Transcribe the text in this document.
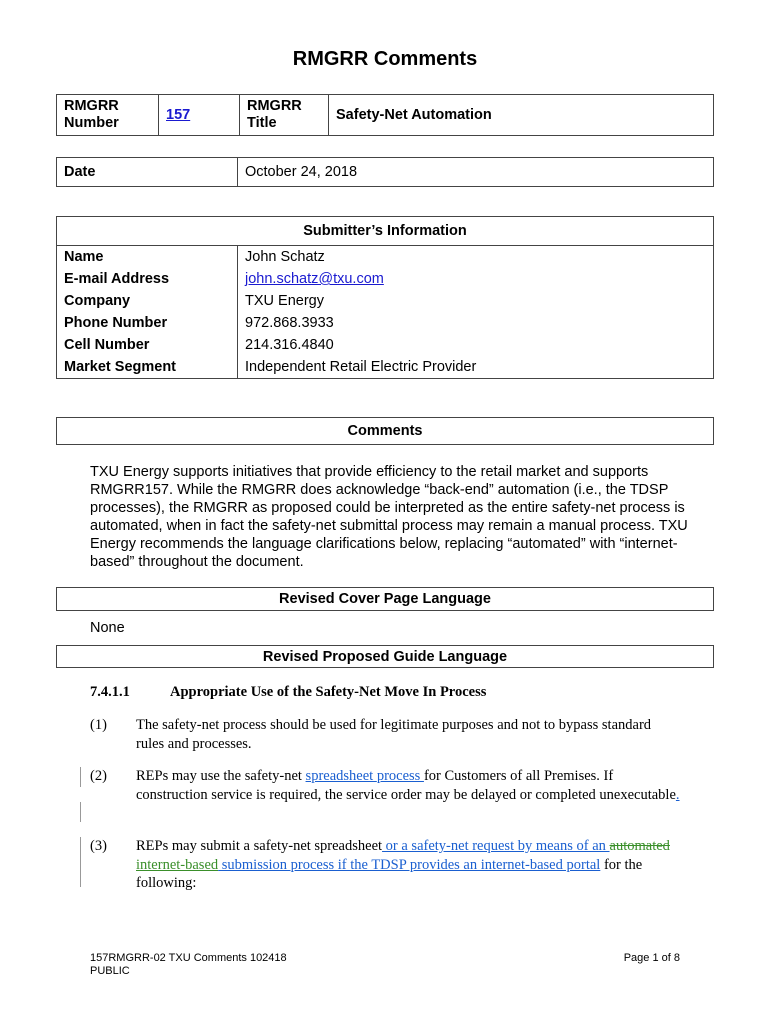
RMGRR Comments
RMGRR Number	157	RMGRR Title	Safety-Net Automation
Date	October 24, 2018
Submitter’s Information	
Name	John Schatz
E-mail Address	john.schatz@txu.com
Company	TXU Energy
Phone Number	972.868.3933
Cell Number	214.316.4840
Market Segment	Independent Retail Electric Provider
Comments
TXU Energy supports initiatives that provide efficiency to the retail market and supports RMGRR157. While the RMGRR does acknowledge “back-end” automation (i.e., the TDSP processes), the RMGRR as proposed could be interpreted as the entire safety-net process is automated, when in fact the safety-net submittal process may remain a manual process. TXU Energy recommends the language clarifications below, replacing “automated” with “internet-based” throughout the document.
Revised Cover Page Language
None
Revised Proposed Guide Language
7.4.1.1	Appropriate Use of the Safety-Net Move In Process
(1) The safety-net process should be used for legitimate purposes and not to bypass standard rules and processes.
(2) REPs may use the safety-net spreadsheet process for Customers of all Premises. If construction service is required, the service order may be delayed or completed unexecutable.
(3) REPs may submit a safety-net spreadsheet or a safety-net request by means of an automated internet-based submission process if the TDSP provides an internet-based portal for the following:
157RMGRR-02 TXU Comments 102418
PUBLIC
Page 1 of 8
